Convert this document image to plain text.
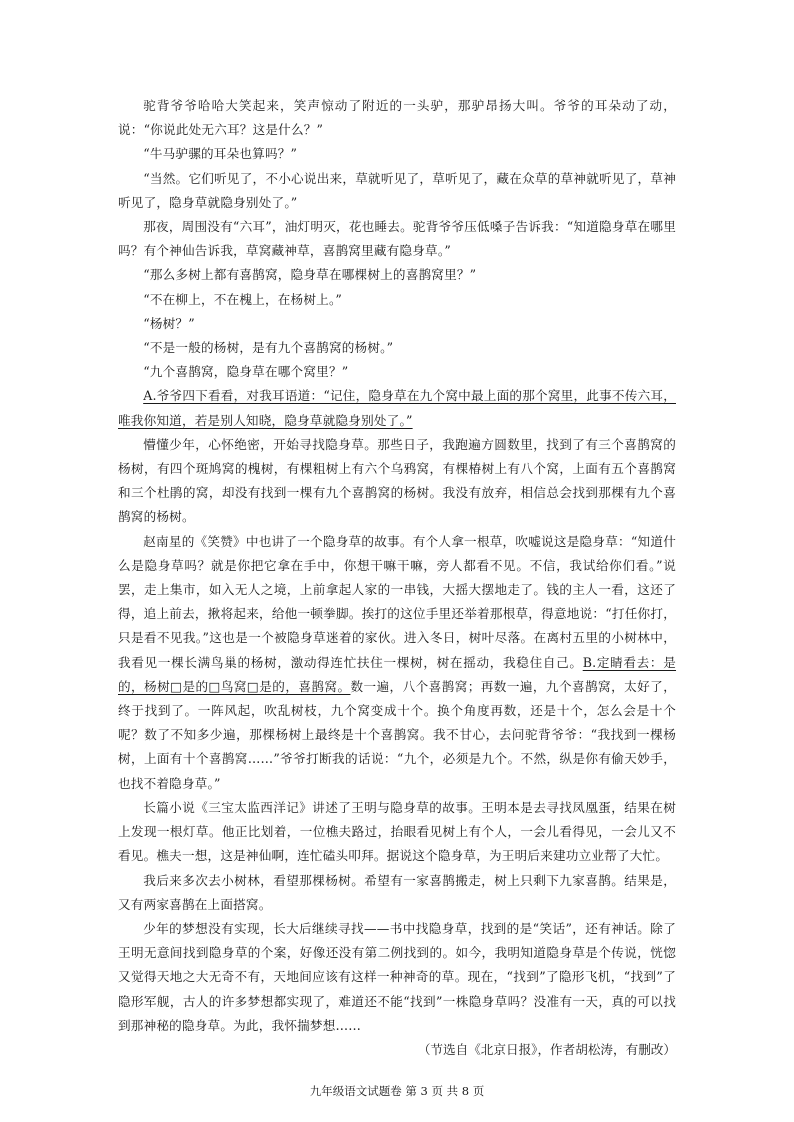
驼背爷爷哈哈大笑起来，笑声惊动了附近的一头驴，那驴昂扬大叫。爷爷的耳朵动了动，说：“你说此处无六耳？这是什么？”

“牛马驴骡的耳朵也算吗？”

“当然。它们听见了，不小心说出来，草就听见了，草听见了，藏在众草的草神就听见了，草神听见了，隐身草就隐身别处了。”

那夜，周围没有“六耳”，油灯明灭，花也睡去。驼背爷爷压低嗓子告诉我：“知道隐身草在哪里吗？有个神仙告诉我，草窝藏神草，喜鹊窝里藏有隐身草。”

“那么多树上都有喜鹊窝，隐身草在哪棵树上的喜鹊窝里？”

“不在柳上，不在槐上，在杨树上。”

“杨树？”

“不是一般的杨树，是有九个喜鹊窝的杨树。”

“九个喜鹊窝，隐身草在哪个窝里？”

A.爷爷四下看看，对我耳语道：“记住，隐身草在九个窝中最上面的那个窝里，此事不传六耳，唯我你知道，若是别人知晓，隐身草就隐身别处了。”

懵懂少年，心怀绝密，开始寻找隐身草。那些日子，我跑遍方圆数里，找到了有三个喜鹊窝的杨树，有四个斑鸠窝的槐树，有棵粗树上有六个乌鸦窝，有棵椿树上有八个窝，上面有五个喜鹊窝和三个杜鹃的窝，却没有找到一棵有九个喜鹊窝的杨树。我没有放弃，相信总会找到那棵有九个喜鹊窝的杨树。

赵南星的《笑赞》中也讲了一个隐身草的故事。有个人拿一根草，吹嘘说这是隐身草：“知道什么是隐身草吗？就是你把它拿在手中，你想干嘛干嘛，旁人都看不见。不信，我试给你们看。”说罢，走上集市，如入无人之境，上前拿起人家的一串钱，大摇大摆地走了。钱的主人一看，这还了得，追上前去，揪将起来，给他一顿拳脚。挨打的这位手里还举着那根草，得意地说：“打任你打，只是看不见我。”这也是一个被隐身草迷着的家伙。进入冬日，树叶尽落。在离村五里的小树林中，我看见一棵长满鸟巢的杨树，激动得连忙扶住一棵树，树在摇动，我稳住自己。B.定睛看去：是的，杨树□是的□鸟窝□是的，喜鹊窝。数一遍，八个喜鹊窝；再数一遍，九个喜鹊窝，太好了，终于找到了。一阵风起，吹乱树枝，九个窝变成十个。换个角度再数，还是十个，怎么会是十个呢？数了不知多少遍，那棵杨树上最终是十个喜鹊窝。我不甘心，去问驼背爷爷：“我找到一棵杨树，上面有十个喜鹊窝……”爷爷打断我的话说：“九个，必须是九个。不然，纵是你有偷天妙手，也找不着隐身草。”

长篇小说《三宝太监西洋记》讲述了王明与隐身草的故事。王明本是去寻找凤凰蛋，结果在树上发现一根灯草。他正比划着，一位樵夫路过，抬眼看见树上有个人，一会儿看得见，一会儿又不看见。樵夫一想，这是神仙啊，连忙磕头叩拜。据说这个隐身草，为王明后来建功立业帮了大忙。

我后来多次去小树林，看望那棵杨树。希望有一家喜鹊搬走，树上只剩下九家喜鹊。结果是，又有两家喜鹊在上面搭窝。

少年的梦想没有实现，长大后继续寻找——书中找隐身草，找到的是“笑话”，还有神话。除了王明无意间找到隐身草的个案，好像还没有第二例找到的。如今，我明知道隐身草是个传说，恍惚又觉得天地之大无奇不有，天地间应该有这样一种神奇的草。现在，“找到”了隐形飞机，“找到”了隐形军舰，古人的许多梦想都实现了，难道还不能“找到”一株隐身草吗？没准有一天，真的可以找到那神秘的隐身草。为此，我怀揣梦想……

（节选自《北京日报》，作者胡松涛，有删改）

九年级语文试题卷 第 3 页 共 8 页
